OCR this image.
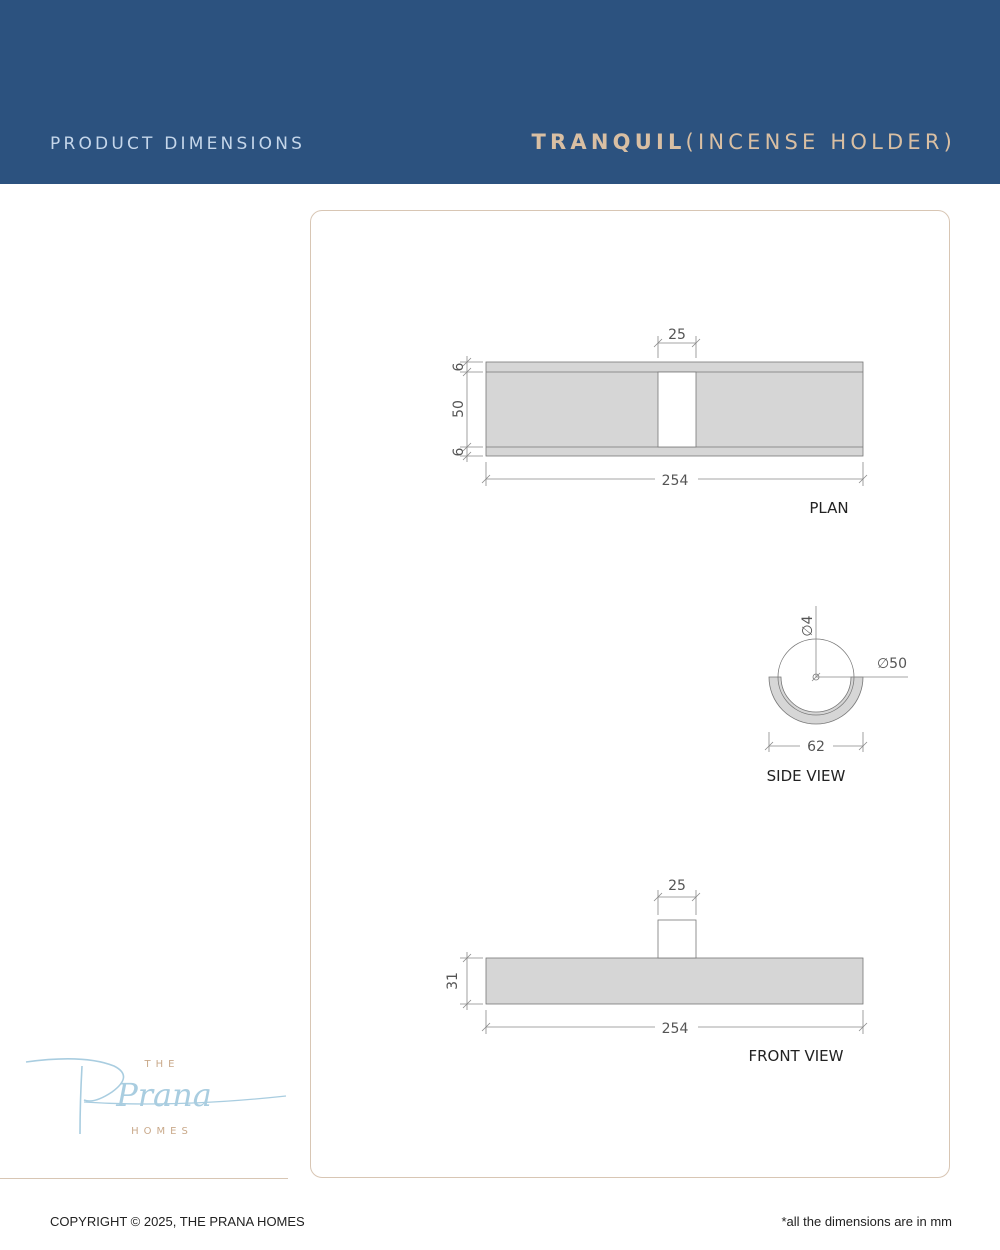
PRODUCT DIMENSIONS	TRANQUIL(INCENSE HOLDER)
25
6
50
6
254
PLAN
∅4
∅50
62
SIDE VIEW
25
31
254
FRONT VIEW
THE
Prana
HOMES
COPYRIGHT © 2025, THE PRANA HOMES	*all the dimensions are in mm
